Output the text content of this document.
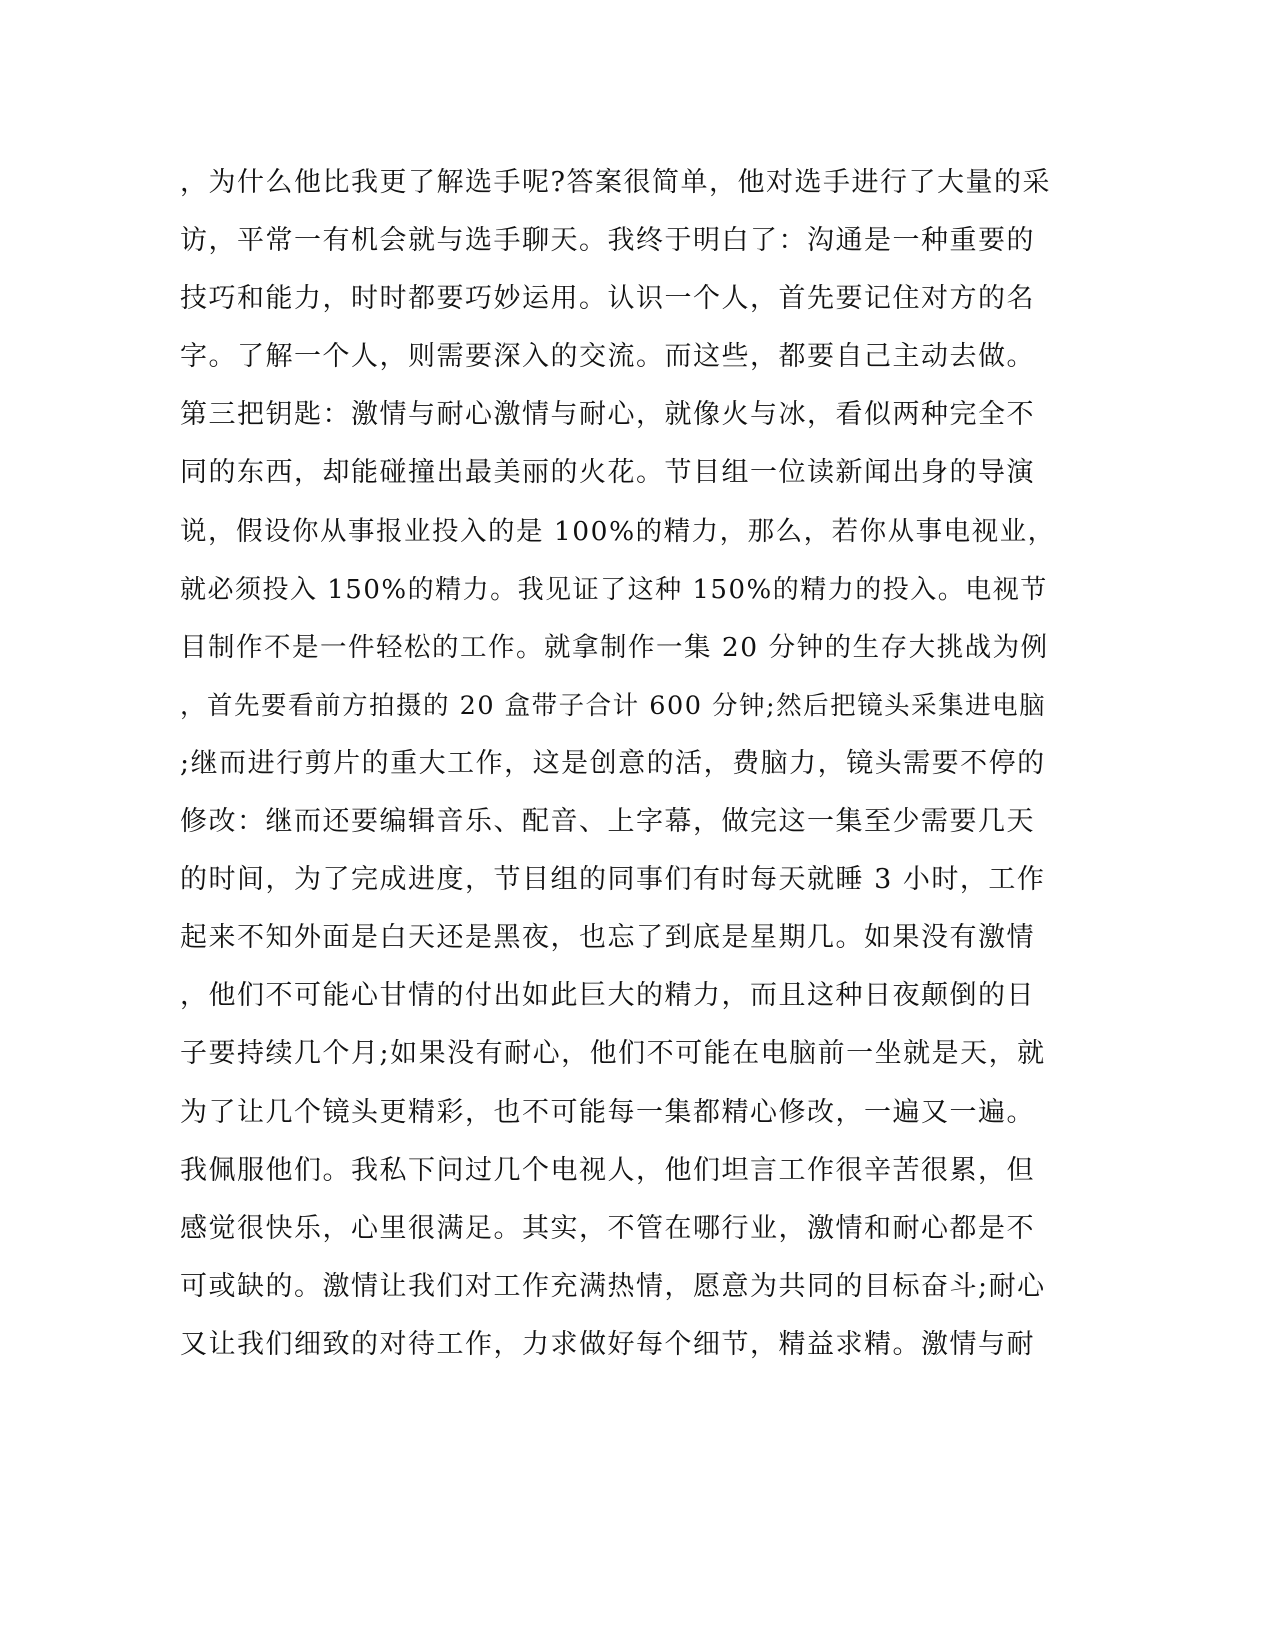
，为什么他比我更了解选手呢?答案很简单，他对选手进行了大量的采
访，平常一有机会就与选手聊天。我终于明白了：沟通是一种重要的
技巧和能力，时时都要巧妙运用。认识一个人，首先要记住对方的名
字。了解一个人，则需要深入的交流。而这些，都要自己主动去做。
第三把钥匙：激情与耐心激情与耐心，就像火与冰，看似两种完全不
同的东西，却能碰撞出最美丽的火花。节目组一位读新闻出身的导演
说，假设你从事报业投入的是 100%的精力，那么，若你从事电视业，
就必须投入 150%的精力。我见证了这种 150%的精力的投入。电视节
目制作不是一件轻松的工作。就拿制作一集 20 分钟的生存大挑战为例
，首先要看前方拍摄的 20 盒带子合计 600 分钟;然后把镜头采集进电脑
;继而进行剪片的重大工作，这是创意的活，费脑力，镜头需要不停的
修改：继而还要编辑音乐、配音、上字幕，做完这一集至少需要几天
的时间，为了完成进度，节目组的同事们有时每天就睡 3 小时，工作
起来不知外面是白天还是黑夜，也忘了到底是星期几。如果没有激情
，他们不可能心甘情的付出如此巨大的精力，而且这种日夜颠倒的日
子要持续几个月;如果没有耐心，他们不可能在电脑前一坐就是天，就
为了让几个镜头更精彩，也不可能每一集都精心修改，一遍又一遍。
我佩服他们。我私下问过几个电视人，他们坦言工作很辛苦很累，但
感觉很快乐，心里很满足。其实，不管在哪行业，激情和耐心都是不
可或缺的。激情让我们对工作充满热情，愿意为共同的目标奋斗;耐心
又让我们细致的对待工作，力求做好每个细节，精益求精。激情与耐
